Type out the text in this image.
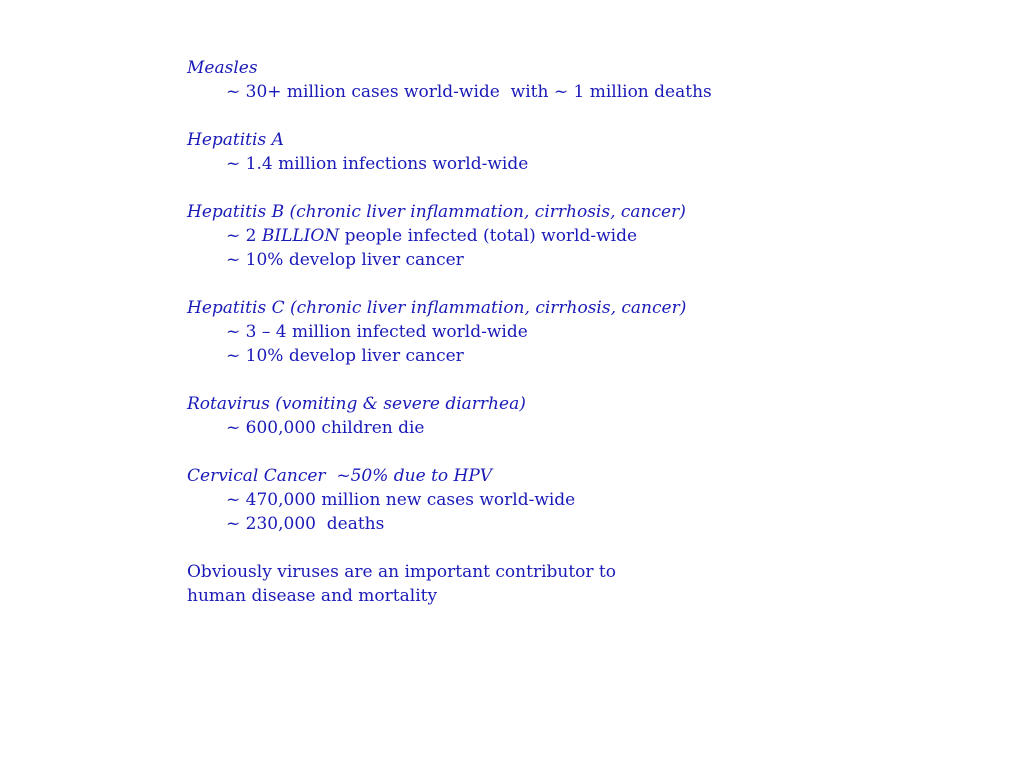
Measles
~ 30+ million cases world-wide  with ~ 1 million deaths
Hepatitis A
~ 1.4 million infections world-wide
Hepatitis B (chronic liver inflammation, cirrhosis, cancer)
~ 2 BILLION people infected (total) world-wide
~ 10% develop liver cancer
Hepatitis C (chronic liver inflammation, cirrhosis, cancer)
~ 3 – 4 million infected world-wide
~ 10% develop liver cancer
Rotavirus (vomiting & severe diarrhea)
~ 600,000 children die
Cervical Cancer  ~50% due to HPV
~ 470,000 million new cases world-wide
~ 230,000  deaths
Obviously viruses are an important contributor to
human disease and mortality
